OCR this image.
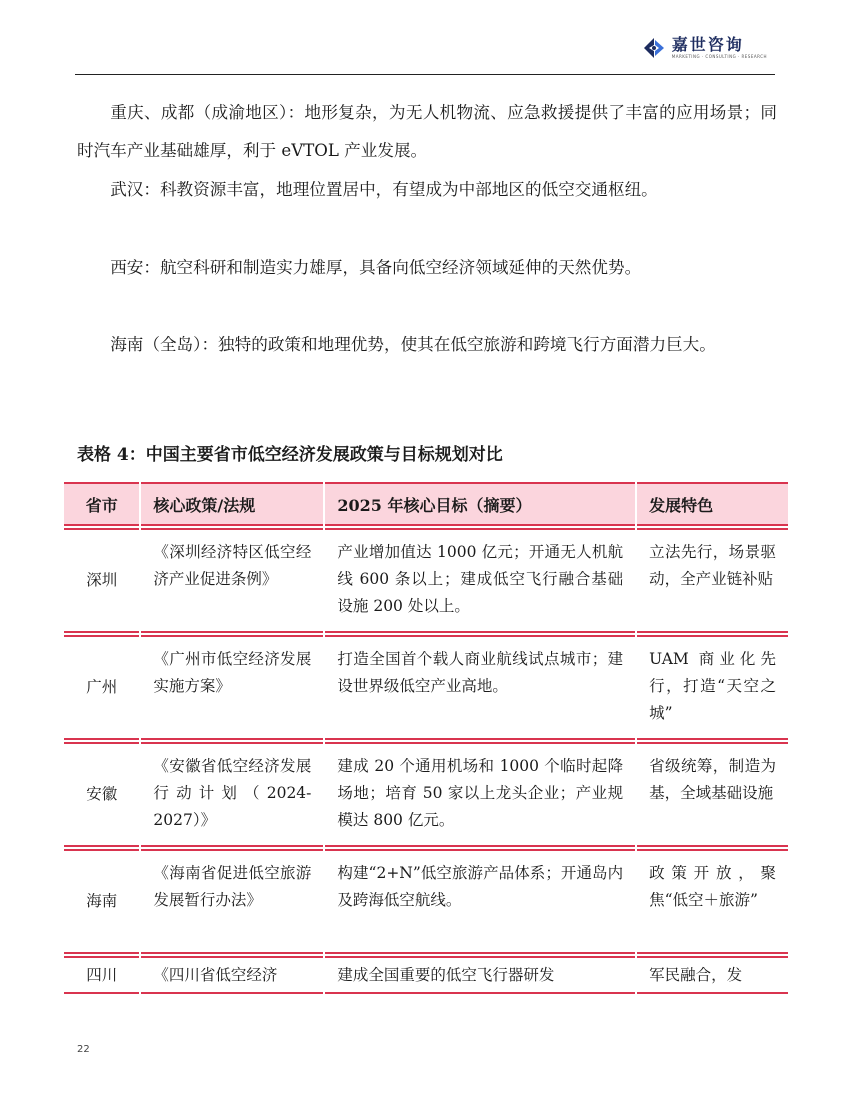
嘉世咨询
MARKETING · CONSULTING · RESEARCH

重庆、成都（成渝地区）：地形复杂，为无人机物流、应急救援提供了丰富的应用场景；同时汽车产业基础雄厚，利于 eVTOL 产业发展。

武汉：科教资源丰富，地理位置居中，有望成为中部地区的低空交通枢纽。

西安：航空科研和制造实力雄厚，具备向低空经济领域延伸的天然优势。

海南（全岛）：独特的政策和地理优势，使其在低空旅游和跨境飞行方面潜力巨大。

表格 4：中国主要省市低空经济发展政策与目标规划对比
省市	核心政策/法规	2025 年核心目标（摘要）	发展特色
深圳	《深圳经济特区低空经济产业促进条例》	产业增加值达 1000 亿元；开通无人机航线 600 条以上；建成低空飞行融合基础设施 200 处以上。	立法先行，场景驱动，全产业链补贴
广州	《广州市低空经济发展实施方案》	打造全国首个载人商业航线试点城市；建设世界级低空产业高地。	UAM 商业化先行，打造“天空之城”
安徽	《安徽省低空经济发展行动计划（2024-2027）》	建成 20 个通用机场和 1000 个临时起降场地；培育 50 家以上龙头企业；产业规模达 800 亿元。	省级统筹，制造为基，全域基础设施
海南	《海南省促进低空旅游发展暂行办法》	构建“2+N”低空旅游产品体系；开通岛内及跨海低空航线。	政策开放，聚焦“低空＋旅游”
四川	《四川省低空经济	建成全国重要的低空飞行器研发	军民融合，发
22
